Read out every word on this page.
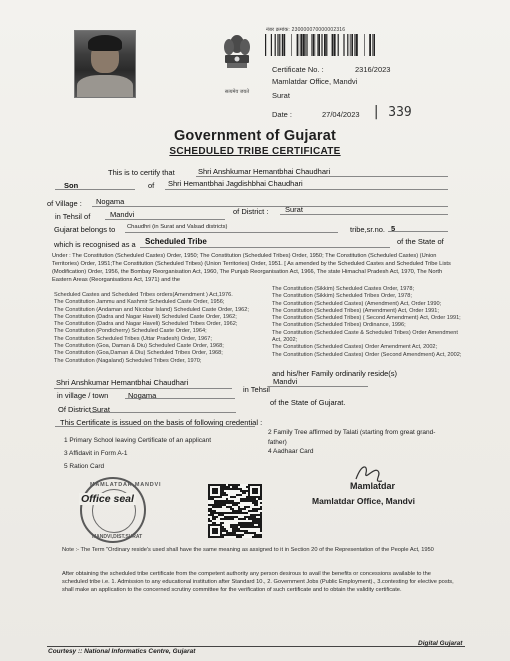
सत्यमेव जयते
नंबर क्रमांक: 230000070000002316
Certificate No. :	2316/2023
Mamlatdar Office, Mandvi
Surat
Date :	27/04/2023 | 339
Government of Gujarat
SCHEDULED TRIBE CERTIFICATE
This is to certify that	Shri Anshkumar Hemantbhai Chaudhari
Son	of Shri Hemantbhai Jagdishbhai Chaudhari
of Village : Nogama
in Tehsil of	Mandvi	of District : Surat
Gujarat belongs to Chaudhri (in Surat and Valsad districts)	tribe,sr.no. 5
which is recognised as a Scheduled Tribe	of the State of
Under : The Constitution (Scheduled Castes) Order, 1950; The Constitution (Scheduled Tribes) Order, 1950; The Constitution (Scheduled Castes) (Union Territories) Order, 1951;The Constitution (Scheduled Tribes) (Union Territories) Order, 1951. [ As amended by the Scheduled Castes and Scheduled Tribe Lists (Modification) Order, 1956, the Bombay Reorganisation Act, 1960, The Punjab Reorganisation Act, 1966, The state Himachal Pradesh Act, 1970, The North Eastern Areas (Reorganisations Act, 1971) and the
Scheduled Castes and Scheduled Tribes orders(Amendment ) Act,1976.
The Constitution Jammu and Kashmir Scheduled Caste Order, 1956;
The Constitution (Andaman and Nicobar Island) Scheduled Caste Order, 1962;
The Constitution (Dadra and Nagar Haveli) Scheduled Caste Order, 1962;
The Constitution (Dadra and Nagar Haveli) Scheduled Tribes Order, 1962;
The Constitution (Pondicherry) Scheduled Caste Order, 1964;
The Constitution Scheduled Tribes (Uttar Pradesh) Order, 1967;
The Constitution (Goa, Daman & Diu) Scheduled Caste Order, 1968;
The Constitution (Goa,Daman & Diu) Scheduled Tribes Order, 1968;
The Constitution (Nagaland) Scheduled Tribes Order, 1970;
The Constitution (Sikkim) Scheduled Castes Order, 1978;
The Constitution (Sikkim) Scheduled Tribes Order, 1978;
The Constitution (Scheduled Castes) (Amendment) Act, Order 1990;
The Constitution (Scheduled Tribes) (Amendment) Act, Order 1991;
The Constitution (Scheduled Tribes) ( Second Amendment) Act, Order 1991;
The Constitution (Scheduled Tribes) Ordinance, 1996;
The Constitution (Scheduled Caste & Scheduled Tribes) Order Amendment Act, 2002;
The Constitution (Scheduled Castes) Order Amendment Act, 2002;
The Constitution (Scheduled Castes) Order (Second Amendment) Act, 2002;
and his/her Family ordinarily reside(s)
Shri Anshkumar Hemantbhai Chaudhari
in Tehsil
Mandvi
in village / town	Nogama
Of District Surat
of the State of Gujarat.
This Certificate is issued on the basis of following credential :
1 Primary School leaving Certificate of an applicant
3 Affidavit in Form A-1
5 Ration Card
2 Family Tree affirmed by Talati (starting from great grand-
father)
4 Aadhaar Card
MAMLATDAR,MANDVI
MANDVI,DIST.SURAT
Office seal
Mamlatdar
Mamlatdar Office, Mandvi
Note :- The Term "Ordinary reside's used shall have the same meaning as assigned to it in Section 20 of the Representation of the People Act, 1950
After obtaining the scheduled tribe certificate from the competent authority any person desirous to avail the benefits or concessions available to the scheduled tribe i.e. 1. Admission to any educational institution after Standard 10., 2. Government Jobs (Public Employment)., 3.contesting for elective posts, shall make an application to the concerned scrutiny committee for the verification of such certificate and to obtain the validity certificate.
Courtesy :: National Informatics Centre, Gujarat
Digital Gujarat
